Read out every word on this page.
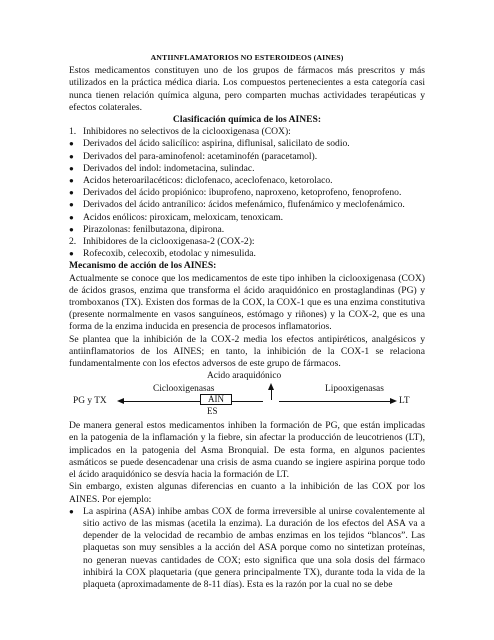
ANTIINFLAMATORIOS NO ESTEROIDEOS (AINES)
Estos medicamentos constituyen uno de los grupos de fármacos más prescritos y más utilizados en la práctica médica diaria. Los compuestos pertenecientes a esta categoría casi nunca tienen relación química alguna, pero comparten muchas actividades terapéuticas y efectos colaterales.
Clasificación química de los AINES:
1. Inhibidores no selectivos de la ciclooxigenasa (COX):
● Derivados del ácido salicílico: aspirina, diflunisal, salicilato de sodio.
● Derivados del para-aminofenol: acetaminofén (paracetamol).
● Derivados del indol: indometacina, sulindac.
● Acidos heteroarilacéticos: diclofenaco, aceclofenaco, ketorolaco.
● Derivados del ácido propiónico: ibuprofeno, naproxeno, ketoprofeno, fenoprofeno.
● Derivados del ácido antranílico: ácidos mefenámico, flufenámico y meclofenámico.
● Acidos enólicos: piroxicam, meloxicam, tenoxicam.
● Pirazolonas: fenilbutazona, dipirona.
2. Inhibidores de la ciclooxigenasa-2 (COX-2):
● Rofecoxib, celecoxib, etodolac y nimesulida.
Mecanismo de acción de los AINES:
Actualmente se conoce que los medicamentos de este tipo inhiben la ciclooxigenasa (COX) de ácidos grasos, enzima que transforma el ácido araquidónico en prostaglandinas (PG) y tromboxanos (TX). Existen dos formas de la COX, la COX-1 que es una enzima constitutiva (presente normalmente en vasos sanguíneos, estómago y riñones) y la COX-2, que es una forma de la enzima inducida en presencia de procesos inflamatorios.
Se plantea que la inhibición de la COX-2 media los efectos antipiréticos, analgésicos y antiinflamatorios de los AINES; en tanto, la inhibición de la COX-1 se relaciona fundamentalmente con los efectos adversos de este grupo de fármacos.
Acido araquidónico
Ciclooxigenasas	Lipooxigenasas
PG y TX	LT
AIN
ES
De manera general estos medicamentos inhiben la formación de PG, que están implicadas en la patogenia de la inflamación y la fiebre, sin afectar la producción de leucotrienos (LT), implicados en la patogenia del Asma Bronquial. De esta forma, en algunos pacientes asmáticos se puede desencadenar una crisis de asma cuando se ingiere aspirina porque todo el ácido araquidónico se desvía hacia la formación de LT.
Sin embargo, existen algunas diferencias en cuanto a la inhibición de las COX por los AINES. Por ejemplo:
● La aspirina (ASA) inhibe ambas COX de forma irreversible al unirse covalentemente al sitio activo de las mismas (acetila la enzima). La duración de los efectos del ASA va a depender de la velocidad de recambio de ambas enzimas en los tejidos “blancos”. Las plaquetas son muy sensibles a la acción del ASA porque como no sintetizan proteínas, no generan nuevas cantidades de COX; esto significa que una sola dosis del fármaco inhibirá la COX plaquetaria (que genera principalmente TX), durante toda la vida de la plaqueta (aproximadamente de 8-11 días). Esta es la razón por la cual no se debe
